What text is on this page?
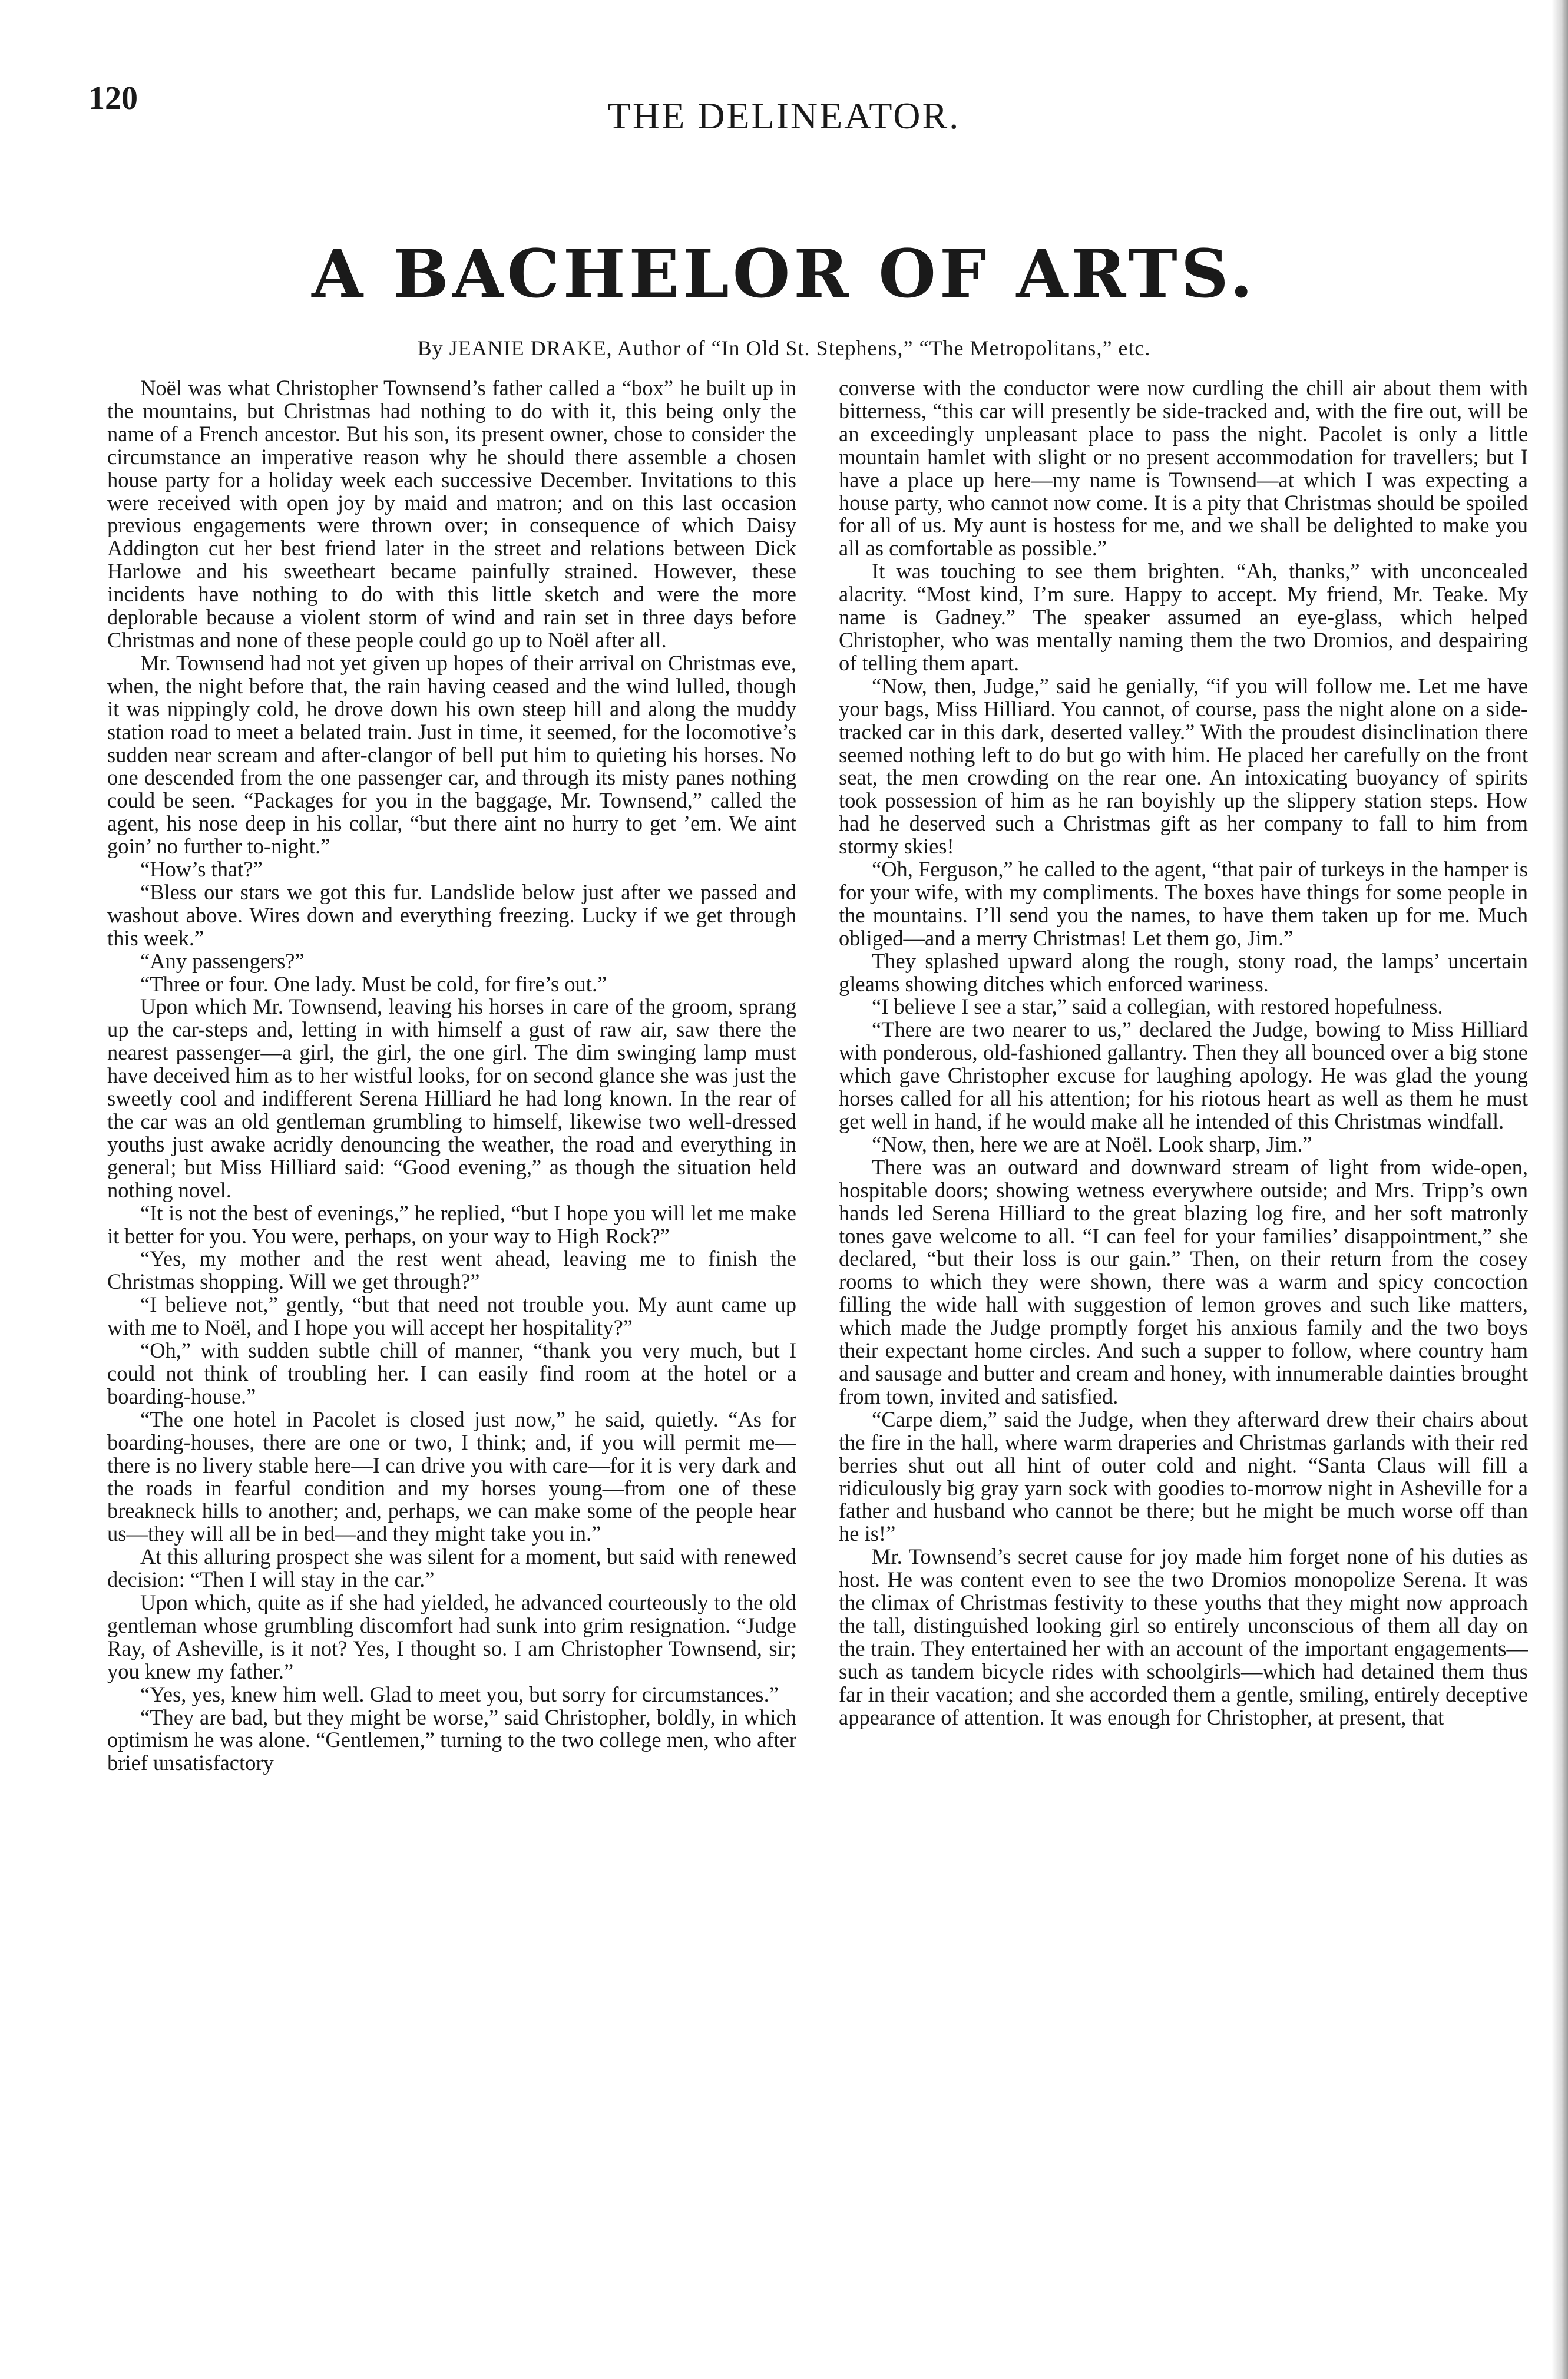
120	THE DELINEATOR.
A BACHELOR OF ARTS.
By JEANIE DRAKE, Author of “In Old St. Stephens,” “The Metropolitans,” etc.

Noël was what Christopher Townsend’s father called a “box” he built up in the mountains, but Christmas had nothing to do with it, this being only the name of a French ancestor. But his son, its present owner, chose to consider the circumstance an imperative reason why he should there assemble a chosen house party for a holiday week each successive December. Invitations to this were received with open joy by maid and matron; and on this last occasion previous engagements were thrown over; in consequence of which Daisy Addington cut her best friend later in the street and relations between Dick Harlowe and his sweetheart became painfully strained. However, these incidents have nothing to do with this little sketch and were the more deplorable because a violent storm of wind and rain set in three days before Christmas and none of these people could go up to Noël after all.

Mr. Townsend had not yet given up hopes of their arrival on Christmas eve, when, the night before that, the rain having ceased and the wind lulled, though it was nippingly cold, he drove down his own steep hill and along the muddy station road to meet a belated train. Just in time, it seemed, for the locomotive’s sudden near scream and after-clangor of bell put him to quieting his horses. No one descended from the one passenger car, and through its misty panes nothing could be seen. “Packages for you in the baggage, Mr. Townsend,” called the agent, his nose deep in his collar, “but there aint no hurry to get ’em. We aint goin’ no further to-night.”

“How’s that?”

“Bless our stars we got this fur. Landslide below just after we passed and washout above. Wires down and everything freezing. Lucky if we get through this week.”

“Any passengers?”

“Three or four. One lady. Must be cold, for fire’s out.”

Upon which Mr. Townsend, leaving his horses in care of the groom, sprang up the car-steps and, letting in with himself a gust of raw air, saw there the nearest passenger—a girl, the girl, the one girl. The dim swinging lamp must have deceived him as to her wistful looks, for on second glance she was just the sweetly cool and indifferent Serena Hilliard he had long known. In the rear of the car was an old gentleman grumbling to himself, likewise two well-dressed youths just awake acridly denouncing the weather, the road and everything in general; but Miss Hilliard said: “Good evening,” as though the situation held nothing novel.

“It is not the best of evenings,” he replied, “but I hope you will let me make it better for you. You were, perhaps, on your way to High Rock?”

“Yes, my mother and the rest went ahead, leaving me to finish the Christmas shopping. Will we get through?”

“I believe not,” gently, “but that need not trouble you. My aunt came up with me to Noël, and I hope you will accept her hospitality?”

“Oh,” with sudden subtle chill of manner, “thank you very much, but I could not think of troubling her. I can easily find room at the hotel or a boarding-house.”

“The one hotel in Pacolet is closed just now,” he said, quietly. “As for boarding-houses, there are one or two, I think; and, if you will permit me—there is no livery stable here—I can drive you with care—for it is very dark and the roads in fearful condition and my horses young—from one of these breakneck hills to another; and, perhaps, we can make some of the people hear us—they will all be in bed—and they might take you in.”

At this alluring prospect she was silent for a moment, but said with renewed decision: “Then I will stay in the car.”

Upon which, quite as if she had yielded, he advanced courteously to the old gentleman whose grumbling discomfort had sunk into grim resignation. “Judge Ray, of Asheville, is it not? Yes, I thought so. I am Christopher Townsend, sir; you knew my father.”

“Yes, yes, knew him well. Glad to meet you, but sorry for circumstances.”

“They are bad, but they might be worse,” said Christopher, boldly, in which optimism he was alone. “Gentlemen,” turning to the two college men, who after brief unsatisfactory

converse with the conductor were now curdling the chill air about them with bitterness, “this car will presently be side-tracked and, with the fire out, will be an exceedingly unpleasant place to pass the night. Pacolet is only a little mountain hamlet with slight or no present accommodation for travellers; but I have a place up here—my name is Townsend—at which I was expecting a house party, who cannot now come. It is a pity that Christmas should be spoiled for all of us. My aunt is hostess for me, and we shall be delighted to make you all as comfortable as possible.”

It was touching to see them brighten. “Ah, thanks,” with unconcealed alacrity. “Most kind, I’m sure. Happy to accept. My friend, Mr. Teake. My name is Gadney.” The speaker assumed an eye-glass, which helped Christopher, who was mentally naming them the two Dromios, and despairing of telling them apart.

“Now, then, Judge,” said he genially, “if you will follow me. Let me have your bags, Miss Hilliard. You cannot, of course, pass the night alone on a side-tracked car in this dark, deserted valley.” With the proudest disinclination there seemed nothing left to do but go with him. He placed her carefully on the front seat, the men crowding on the rear one. An intoxicating buoyancy of spirits took possession of him as he ran boyishly up the slippery station steps. How had he deserved such a Christmas gift as her company to fall to him from stormy skies!

“Oh, Ferguson,” he called to the agent, “that pair of turkeys in the hamper is for your wife, with my compliments. The boxes have things for some people in the mountains. I’ll send you the names, to have them taken up for me. Much obliged—and a merry Christmas! Let them go, Jim.”

They splashed upward along the rough, stony road, the lamps’ uncertain gleams showing ditches which enforced wariness.

“I believe I see a star,” said a collegian, with restored hopefulness.

“There are two nearer to us,” declared the Judge, bowing to Miss Hilliard with ponderous, old-fashioned gallantry. Then they all bounced over a big stone which gave Christopher excuse for laughing apology. He was glad the young horses called for all his attention; for his riotous heart as well as them he must get well in hand, if he would make all he intended of this Christmas windfall.

“Now, then, here we are at Noël. Look sharp, Jim.”

There was an outward and downward stream of light from wide-open, hospitable doors; showing wetness everywhere outside; and Mrs. Tripp’s own hands led Serena Hilliard to the great blazing log fire, and her soft matronly tones gave welcome to all. “I can feel for your families’ disappointment,” she declared, “but their loss is our gain.” Then, on their return from the cosey rooms to which they were shown, there was a warm and spicy concoction filling the wide hall with suggestion of lemon groves and such like matters, which made the Judge promptly forget his anxious family and the two boys their expectant home circles. And such a supper to follow, where country ham and sausage and butter and cream and honey, with innumerable dainties brought from town, invited and satisfied.

“Carpe diem,” said the Judge, when they afterward drew their chairs about the fire in the hall, where warm draperies and Christmas garlands with their red berries shut out all hint of outer cold and night. “Santa Claus will fill a ridiculously big gray yarn sock with goodies to-morrow night in Asheville for a father and husband who cannot be there; but he might be much worse off than he is!”

Mr. Townsend’s secret cause for joy made him forget none of his duties as host. He was content even to see the two Dromios monopolize Serena. It was the climax of Christmas festivity to these youths that they might now approach the tall, distinguished looking girl so entirely unconscious of them all day on the train. They entertained her with an account of the important engagements—such as tandem bicycle rides with schoolgirls—which had detained them thus far in their vacation; and she accorded them a gentle, smiling, entirely deceptive appearance of attention. It was enough for Christopher, at present, that
